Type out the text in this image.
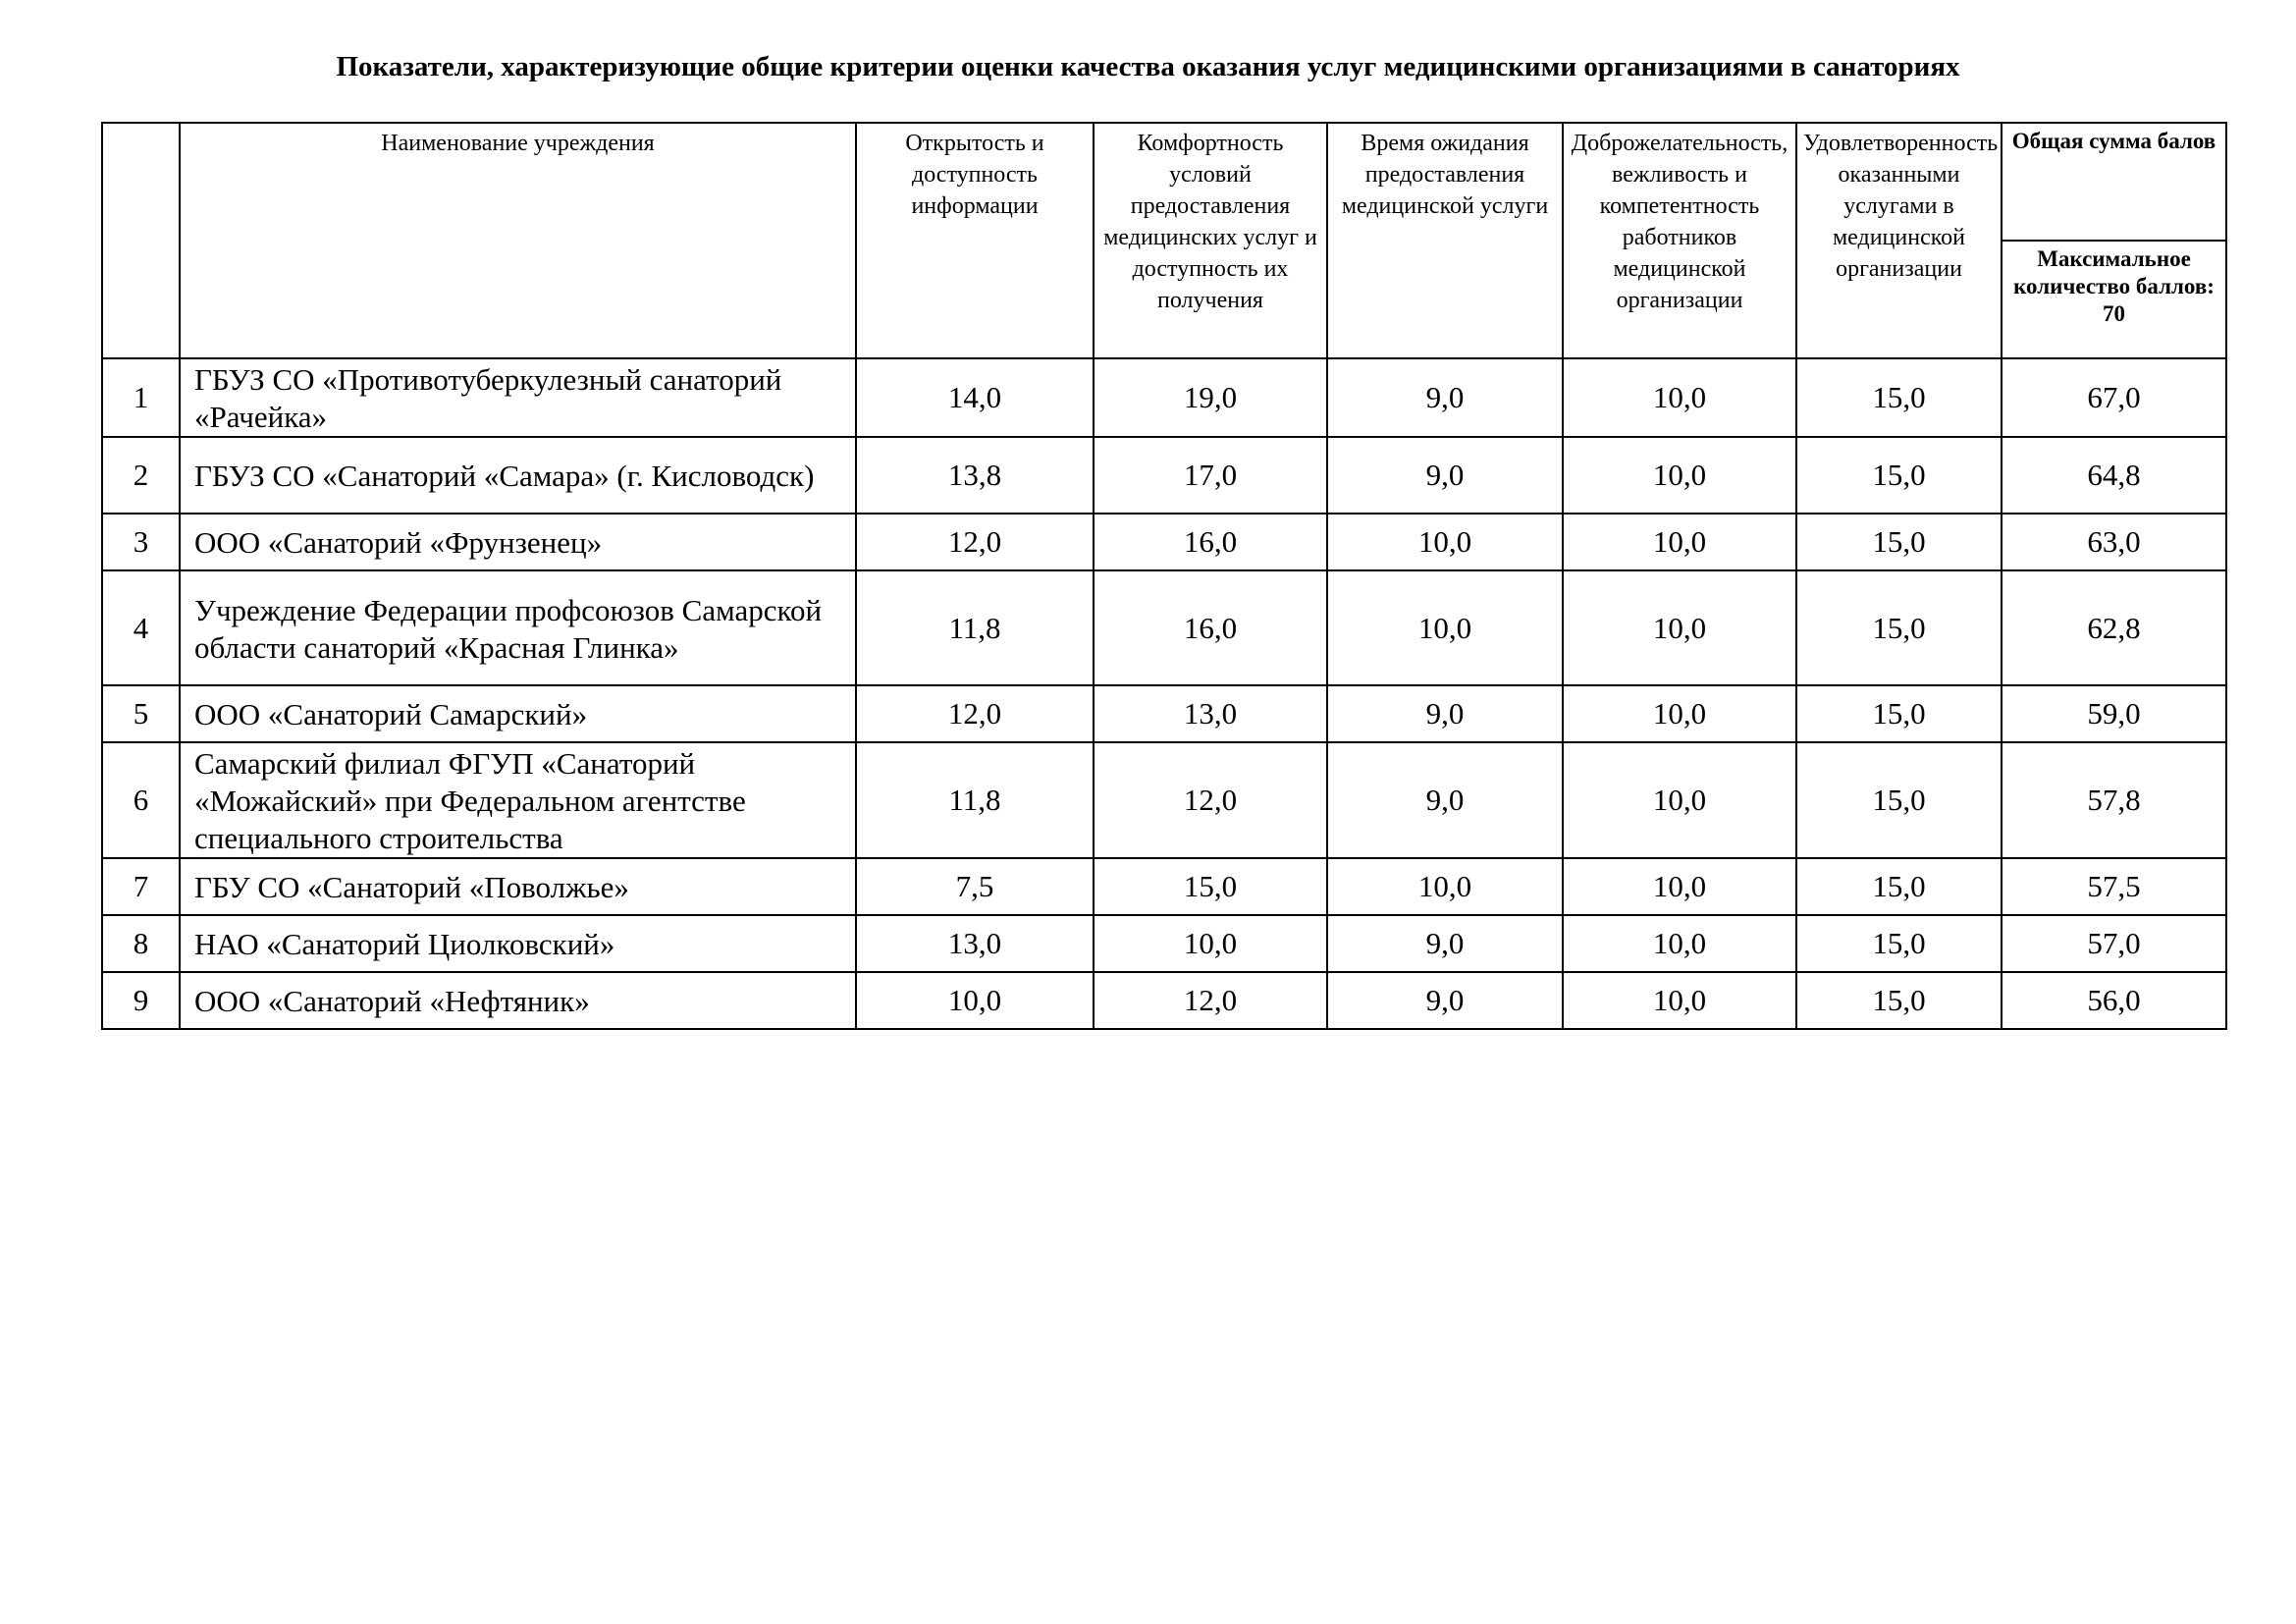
Показатели, характеризующие общие критерии оценки качества оказания услуг медицинскими организациями в санаториях
	Наименование учреждения	Открытость и доступность информации	Комфортность условий предоставления медицинских услуг и доступность их получения	Время ожидания предоставления медицинской услуги	Доброжелательность, вежливость и компетентность работников медицинской организации	Удовлетворенность оказанными услугами в медицинской организации	Общая сумма балов
							Максимальное количество баллов: 70
1	ГБУЗ СО «Противотуберкулезный санаторий «Рачейка»	14,0	19,0	9,0	10,0	15,0	67,0
2	ГБУЗ СО «Санаторий «Самара» (г. Кисловодск)	13,8	17,0	9,0	10,0	15,0	64,8
3	ООО «Санаторий «Фрунзенец»	12,0	16,0	10,0	10,0	15,0	63,0
4	Учреждение Федерации профсоюзов Самарской области санаторий «Красная Глинка»	11,8	16,0	10,0	10,0	15,0	62,8
5	ООО «Санаторий Самарский»	12,0	13,0	9,0	10,0	15,0	59,0
6	Самарский филиал ФГУП «Санаторий «Можайский» при Федеральном агентстве специального строительства	11,8	12,0	9,0	10,0	15,0	57,8
7	ГБУ СО «Санаторий «Поволжье»	7,5	15,0	10,0	10,0	15,0	57,5
8	НАО «Санаторий Циолковский»	13,0	10,0	9,0	10,0	15,0	57,0
9	ООО «Санаторий «Нефтяник»	10,0	12,0	9,0	10,0	15,0	56,0
